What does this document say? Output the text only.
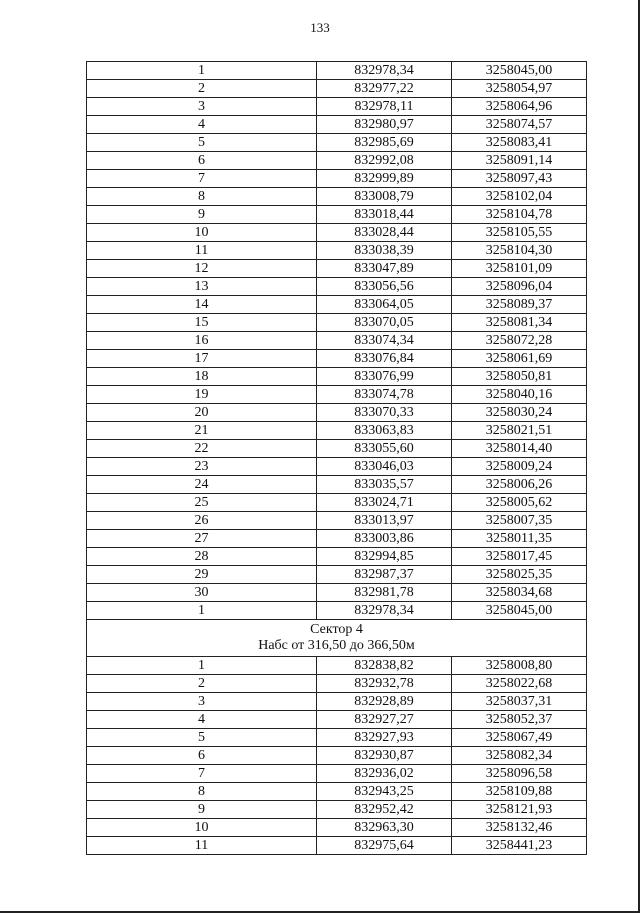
133
1	832978,34	3258045,00
2	832977,22	3258054,97
3	832978,11	3258064,96
4	832980,97	3258074,57
5	832985,69	3258083,41
6	832992,08	3258091,14
7	832999,89	3258097,43
8	833008,79	3258102,04
9	833018,44	3258104,78
10	833028,44	3258105,55
11	833038,39	3258104,30
12	833047,89	3258101,09
13	833056,56	3258096,04
14	833064,05	3258089,37
15	833070,05	3258081,34
16	833074,34	3258072,28
17	833076,84	3258061,69
18	833076,99	3258050,81
19	833074,78	3258040,16
20	833070,33	3258030,24
21	833063,83	3258021,51
22	833055,60	3258014,40
23	833046,03	3258009,24
24	833035,57	3258006,26
25	833024,71	3258005,62
26	833013,97	3258007,35
27	833003,86	3258011,35
28	832994,85	3258017,45
29	832987,37	3258025,35
30	832981,78	3258034,68
1	832978,34	3258045,00

Сектор 4
Набс от 316,50 до 366,50м		

1	832838,82	3258008,80
2	832932,78	3258022,68
3	832928,89	3258037,31
4	832927,27	3258052,37
5	832927,93	3258067,49
6	832930,87	3258082,34
7	832936,02	3258096,58
8	832943,25	3258109,88
9	832952,42	3258121,93
10	832963,30	3258132,46
11	832975,64	3258441,23
